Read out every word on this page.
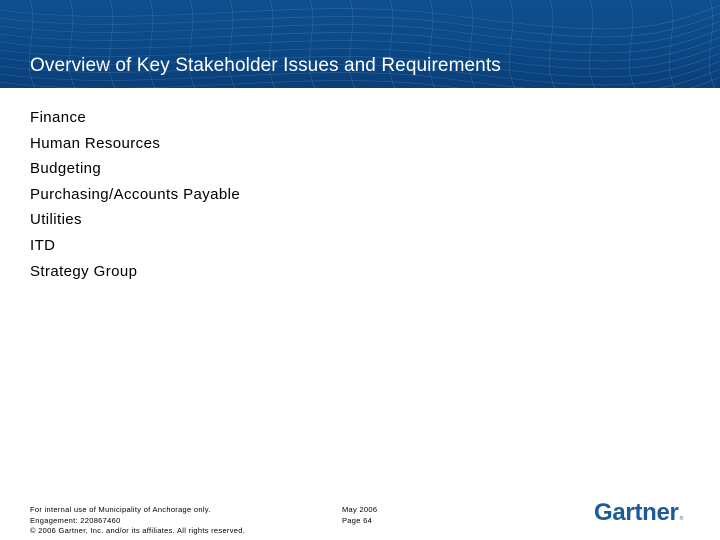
Overview of Key Stakeholder Issues and Requirements
Finance
Human Resources
Budgeting
Purchasing/Accounts Payable
Utilities
ITD
Strategy Group
For internal use of Municipality of Anchorage only.
Engagement: 220867460
© 2006 Gartner, Inc. and/or its affiliates. All rights reserved.
May 2006
Page 64	Gartner®
